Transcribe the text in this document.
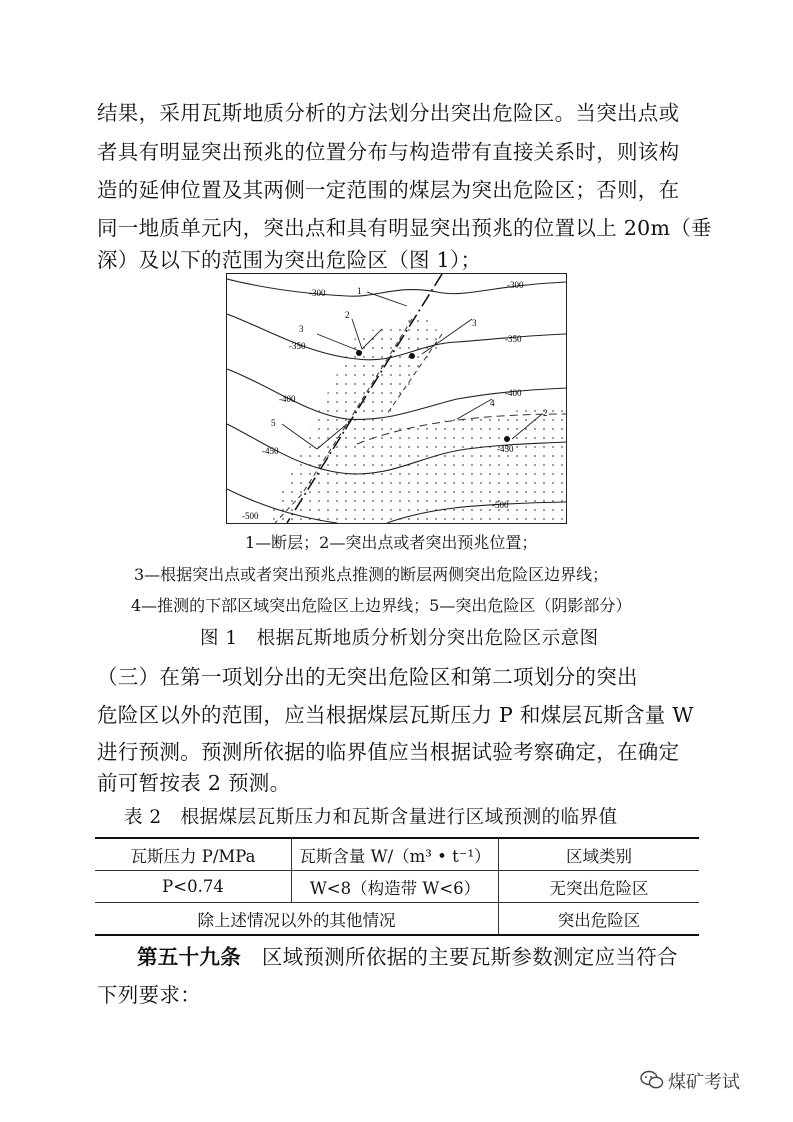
结果，采用瓦斯地质分析的方法划分出突出危险区。当突出点或
者具有明显突出预兆的位置分布与构造带有直接关系时，则该构
造的延伸位置及其两侧一定范围的煤层为突出危险区；否则，在
同一地质单元内，突出点和具有明显突出预兆的位置以上 20m（垂
深）及以下的范围为突出危险区（图 1）；
-300
-300
-350
-350
-400
-400
-450	-450
-500
-500
1
2
3
3
4
5
2
1—断层；2—突出点或者突出预兆位置；
3—根据突出点或者突出预兆点推测的断层两侧突出危险区边界线；
4—推测的下部区域突出危险区上边界线；5—突出危险区（阴影部分）
图 1　根据瓦斯地质分析划分突出危险区示意图
（三）在第一项划分出的无突出危险区和第二项划分的突出
危险区以外的范围，应当根据煤层瓦斯压力 P 和煤层瓦斯含量 W
进行预测。预测所依据的临界值应当根据试验考察确定，在确定
前可暂按表 2 预测。
表 2　根据煤层瓦斯压力和瓦斯含量进行区域预测的临界值
瓦斯压力 P/MPa	瓦斯含量 W/（m³ • t⁻¹）	区域类别
P<0.74	W<8（构造带 W<6）	无突出危险区
除上述情况以外的其他情况		突出危险区
第五十九条 区域预测所依据的主要瓦斯参数测定应当符合
下列要求：
煤矿考试
